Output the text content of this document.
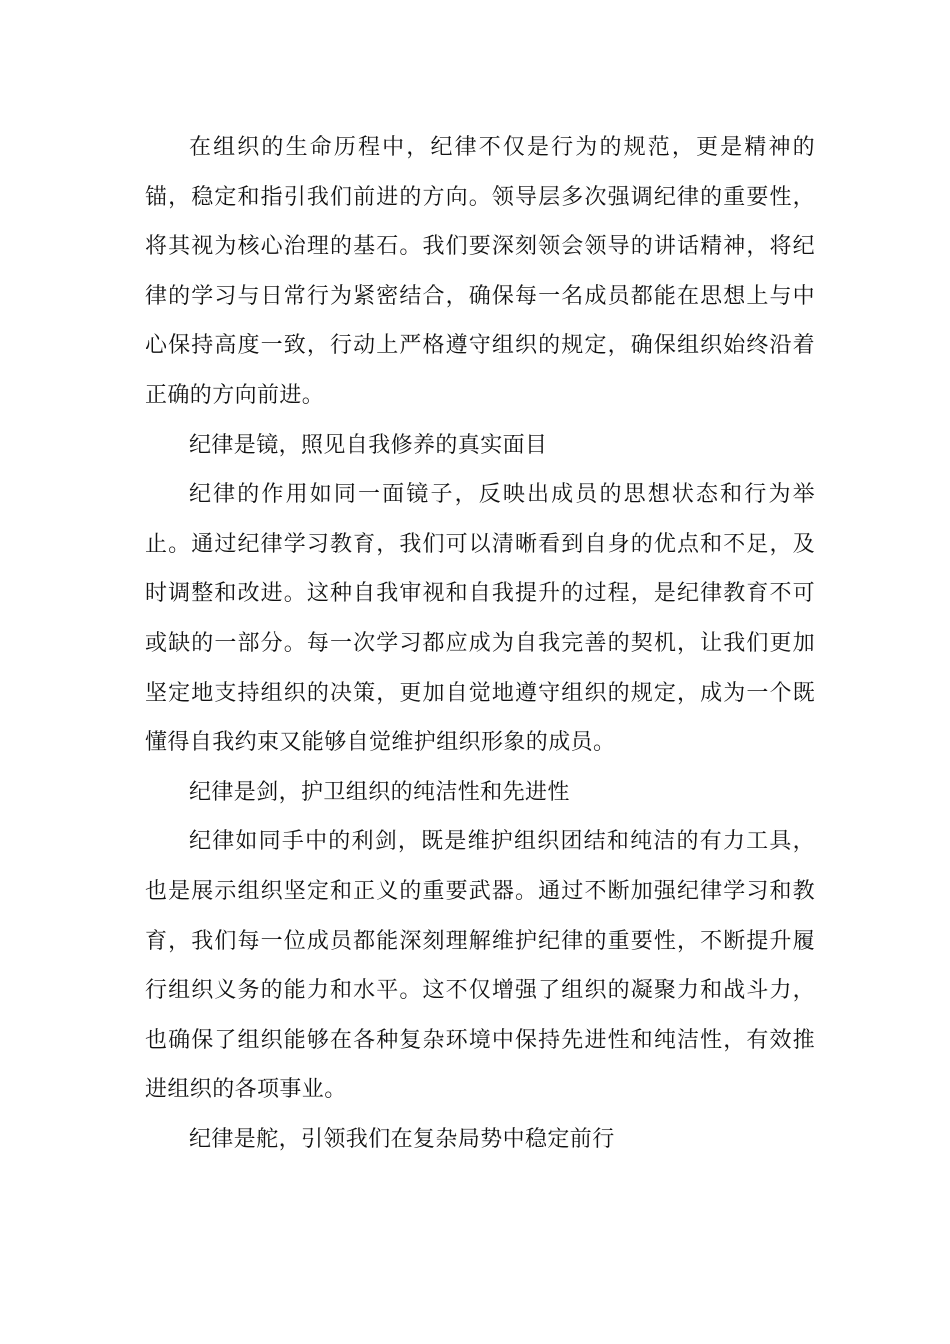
在组织的生命历程中，纪律不仅是行为的规范，更是精神的锚，稳定和指引我们前进的方向。领导层多次强调纪律的重要性，将其视为核心治理的基石。我们要深刻领会领导的讲话精神，将纪律的学习与日常行为紧密结合，确保每一名成员都能在思想上与中心保持高度一致，行动上严格遵守组织的规定，确保组织始终沿着正确的方向前进。

纪律是镜，照见自我修养的真实面目

纪律的作用如同一面镜子，反映出成员的思想状态和行为举止。通过纪律学习教育，我们可以清晰看到自身的优点和不足，及时调整和改进。这种自我审视和自我提升的过程，是纪律教育不可或缺的一部分。每一次学习都应成为自我完善的契机，让我们更加坚定地支持组织的决策，更加自觉地遵守组织的规定，成为一个既懂得自我约束又能够自觉维护组织形象的成员。

纪律是剑，护卫组织的纯洁性和先进性

纪律如同手中的利剑，既是维护组织团结和纯洁的有力工具，也是展示组织坚定和正义的重要武器。通过不断加强纪律学习和教育，我们每一位成员都能深刻理解维护纪律的重要性，不断提升履行组织义务的能力和水平。这不仅增强了组织的凝聚力和战斗力，也确保了组织能够在各种复杂环境中保持先进性和纯洁性，有效推进组织的各项事业。

纪律是舵，引领我们在复杂局势中稳定前行
